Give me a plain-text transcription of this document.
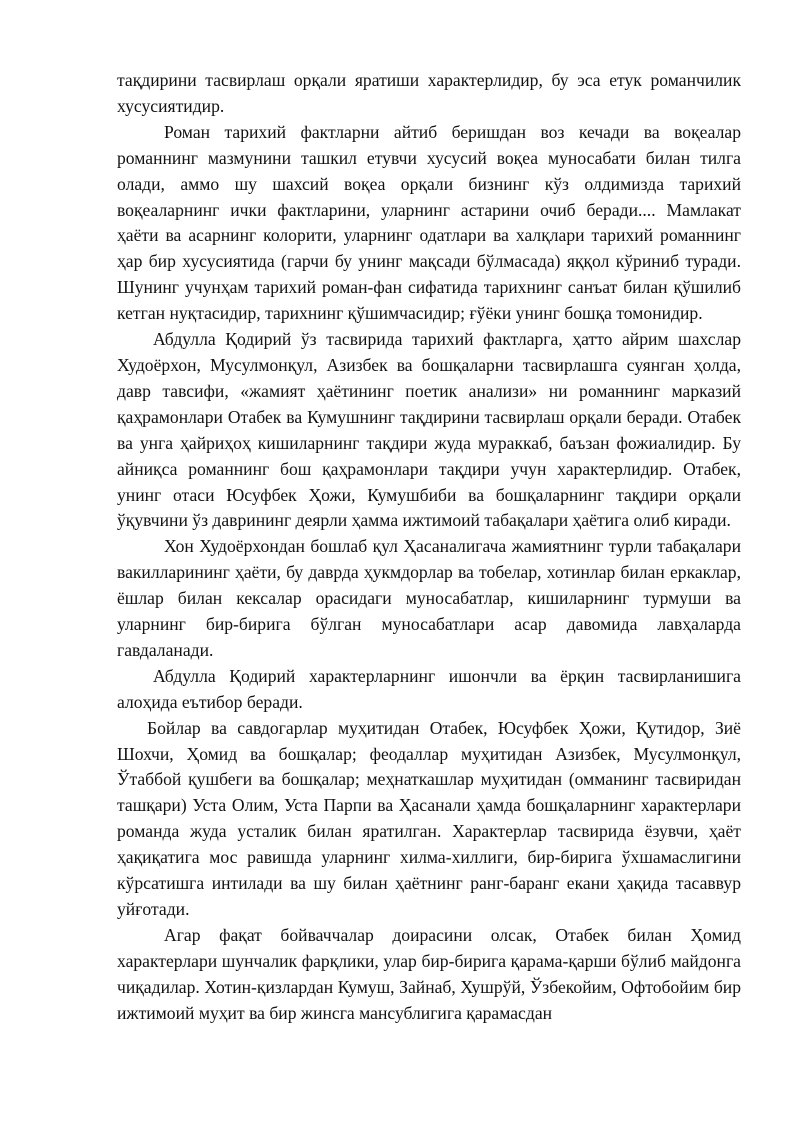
тақдирини тасвирлаш орқали яратиши характерлидир, бу эса етук романчилик хусусиятидир.

Роман тарихий фактларни айтиб беришдан воз кечади ва воқеалар романнинг мазмунини ташкил етувчи хусусий воқеа муносабати билан тилга олади, аммо шу шахсий воқеа орқали бизнинг кўз олдимизда тарихий воқеаларнинг ички фактларини, уларнинг астарини очиб беради.... Мамлакат ҳаёти ва асарнинг колорити, уларнинг одатлари ва халқлари тарихий романнинг ҳар бир хусусиятида (гарчи бу унинг мақсади бўлмасада) яққол кўриниб туради. Шунинг учунҳам тарихий роман-фан сифатида тарихнинг санъат билан қўшилиб кетган нуқтасидир, тарихнинг қўшимчасидир; ғўёки унинг бошқа томонидир.

Абдулла Қодирий ўз тасвирида тарихий фактларга, ҳатто айрим шахслар Худоёрхон, Мусулмонқул, Азизбек ва бошқаларни тасвирлашга суянган ҳолда, давр тавсифи, «жамият ҳаётининг поетик анализи» ни романнинг марказий қаҳрамонлари Отабек ва Кумушнинг тақдирини тасвирлаш орқали беради. Отабек ва унга ҳайриҳоҳ кишиларнинг тақдири жуда мураккаб, баъзан фожиалидир. Бу айниқса романнинг бош қаҳрамонлари тақдири учун характерлидир. Отабек, унинг отаси Юсуфбек Ҳожи, Кумушбиби ва бошқаларнинг тақдири орқали ўқувчини ўз даврининг деярли ҳамма ижтимоий табақалари ҳаётига олиб киради.

Хон Худоёрхондан бошлаб қул Ҳасаналигача жамиятнинг турли табақалари вакилларининг ҳаёти, бу даврда ҳукмдорлар ва тобелар, хотинлар билан еркаклар, ёшлар билан кексалар орасидаги муносабатлар, кишиларнинг турмуши ва уларнинг бир-бирига бўлган муносабатлари асар давомида лавҳаларда гавдаланади.

Абдулла Қодирий характерларнинг ишончли ва ёрқин тасвирланишига алоҳида еътибор беради.

Бойлар ва савдогарлар муҳитидан Отабек, Юсуфбек Ҳожи, Қутидор, Зиё Шохчи, Ҳомид ва бошқалар; феодаллар муҳитидан Азизбек, Мусулмонқул, Ўтаббой қушбеги ва бошқалар; меҳнаткашлар муҳитидан (омманинг тасвиридан ташқари) Уста Олим, Уста Парпи ва Ҳасанали ҳамда бошқаларнинг характерлари романда жуда усталик билан яратилган. Характерлар тасвирида ёзувчи, ҳаёт ҳақиқатига мос равишда уларнинг хилма-хиллиги, бир-бирига ўхшамаслигини кўрсатишга интилади ва шу билан ҳаётнинг ранг-баранг екани ҳақида тасаввур уйғотади.

Агар фақат бойваччалар доирасини олсак, Отабек билан Ҳомид характерлари шунчалик фарқлики, улар бир-бирига қарама-қарши бўлиб майдонга чиқадилар. Хотин-қизлардан Кумуш, Зайнаб, Хушрўй, Ўзбекойим, Офтобойим бир ижтимоий муҳит ва бир жинсга мансублигига қарамасдан
